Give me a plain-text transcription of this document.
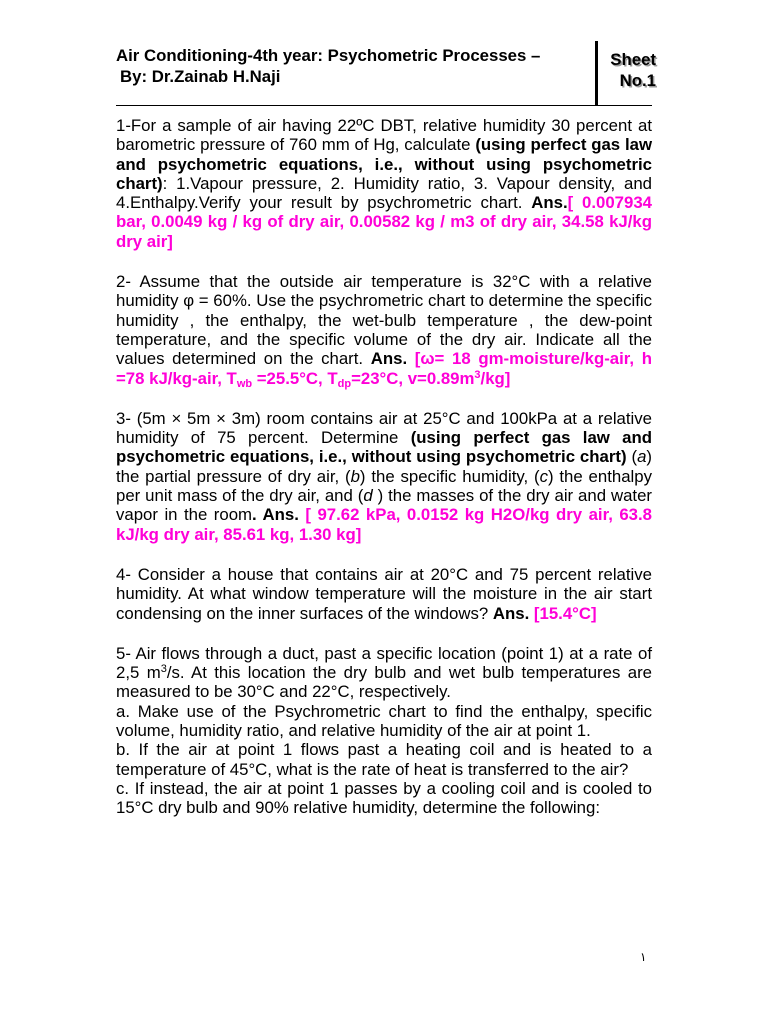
Air Conditioning-4th year: Psychometric Processes –
By: Dr.Zainab H.Naji
Sheet
No.1
1-For a sample of air having 22ºC DBT, relative humidity 30 percent at barometric pressure of 760 mm of Hg, calculate (using perfect gas law and psychometric equations, i.e., without using psychometric chart): 1.Vapour pressure, 2. Humidity ratio, 3. Vapour density, and 4.Enthalpy.Verify your result by psychrometric chart. Ans.[ 0.007934 bar, 0.0049 kg / kg of dry air, 0.00582 kg / m3 of dry air, 34.58 kJ/kg dry air]
2- Assume that the outside air temperature is 32°C with a relative humidity φ = 60%. Use the psychrometric chart to determine the specific humidity , the enthalpy, the wet-bulb temperature , the dew-point temperature, and the specific volume of the dry air. Indicate all the values determined on the chart. Ans. [ω= 18 gm-moisture/kg-air, h =78 kJ/kg-air, $T_{wb} =25.5^\circ C$, $T_{dp}=23^\circ C$, $v=0.89m^3/kg$]
3- (5m × 5m × 3m) room contains air at 25°C and 100kPa at a relative humidity of 75 percent. Determine (using perfect gas law and psychometric equations, i.e., without using psychometric chart) (a) the partial pressure of dry air, (b) the specific humidity, (c) the enthalpy per unit mass of the dry air, and (d ) the masses of the dry air and water vapor in the room. Ans. [ 97.62 kPa, 0.0152 kg H2O/kg dry air, 63.8 kJ/kg dry air, 85.61 kg, 1.30 kg]
4- Consider a house that contains air at 20°C and 75 percent relative humidity. At what window temperature will the moisture in the air start condensing on the inner surfaces of the windows? Ans. [15.4°C]

5- Air flows through a duct, past a specific location (point 1) at a rate of 2,5 $m^3/s$. At this location the dry bulb and wet bulb temperatures are measured to be 30°C and 22°C, respectively.

a. Make use of the Psychrometric chart to find the enthalpy, specific volume, humidity ratio, and relative humidity of the air at point 1.

b. If the air at point 1 flows past a heating coil and is heated to a temperature of 45°C, what is the rate of heat is transferred to the air?

c. If instead, the air at point 1 passes by a cooling coil and is cooled to 15°C dry bulb and 90% relative humidity, determine the following:

١
